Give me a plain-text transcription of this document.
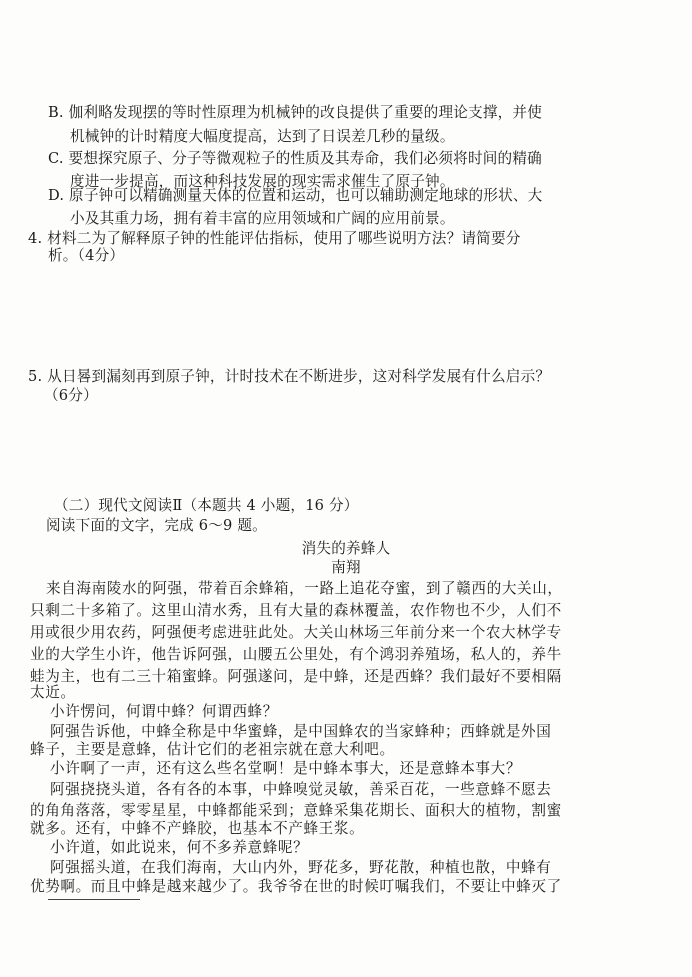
B. 伽利略发现摆的等时性原理为机械钟的改良提供了重要的理论支撑，并使
机械钟的计时精度大幅度提高，达到了日误差几秒的量级。
C. 要想探究原子、分子等微观粒子的性质及其寿命，我们必须将时间的精确
度进一步提高，而这种科技发展的现实需求催生了原子钟。
D. 原子钟可以精确测量天体的位置和运动，也可以辅助测定地球的形状、大
小及其重力场，拥有着丰富的应用领域和广阔的应用前景。
4. 材料二为了解释原子钟的性能评估指标，使用了哪些说明方法？请简要分
析。（4分）
5. 从日晷到漏刻再到原子钟，计时技术在不断进步，这对科学发展有什么启示？
（6分）
（二）现代文阅读Ⅱ（本题共 4 小题，16 分）
阅读下面的文字，完成 6～9 题。
消失的养蜂人
南翔
来自海南陵水的阿强，带着百余蜂箱，一路上追花夺蜜，到了赣西的大关山，
只剩二十多箱了。这里山清水秀，且有大量的森林覆盖，农作物也不少，人们不
用或很少用农药，阿强便考虑进驻此处。大关山林场三年前分来一个农大林学专
业的大学生小许，他告诉阿强，山腰五公里处，有个鸿羽养殖场，私人的，养牛
蛙为主，也有二三十箱蜜蜂。阿强遂问，是中蜂，还是西蜂？我们最好不要相隔
太近。
小许愣问，何谓中蜂？何谓西蜂？
阿强告诉他，中蜂全称是中华蜜蜂，是中国蜂农的当家蜂种；西蜂就是外国
蜂子，主要是意蜂，估计它们的老祖宗就在意大利吧。
小许啊了一声，还有这么些名堂啊！是中蜂本事大，还是意蜂本事大？
阿强挠挠头道，各有各的本事，中蜂嗅觉灵敏，善采百花，一些意蜂不愿去
的角角落落，零零星星，中蜂都能采到；意蜂采集花期长、面积大的植物，割蜜
就多。还有，中蜂不产蜂胶，也基本不产蜂王浆。
小许道，如此说来，何不多养意蜂呢？
阿强摇头道，在我们海南，大山内外，野花多，野花散，种植也散，中蜂有
优势啊。而且中蜂是越来越少了。我爷爷在世的时候叮嘱我们，不要让中蜂灭了
